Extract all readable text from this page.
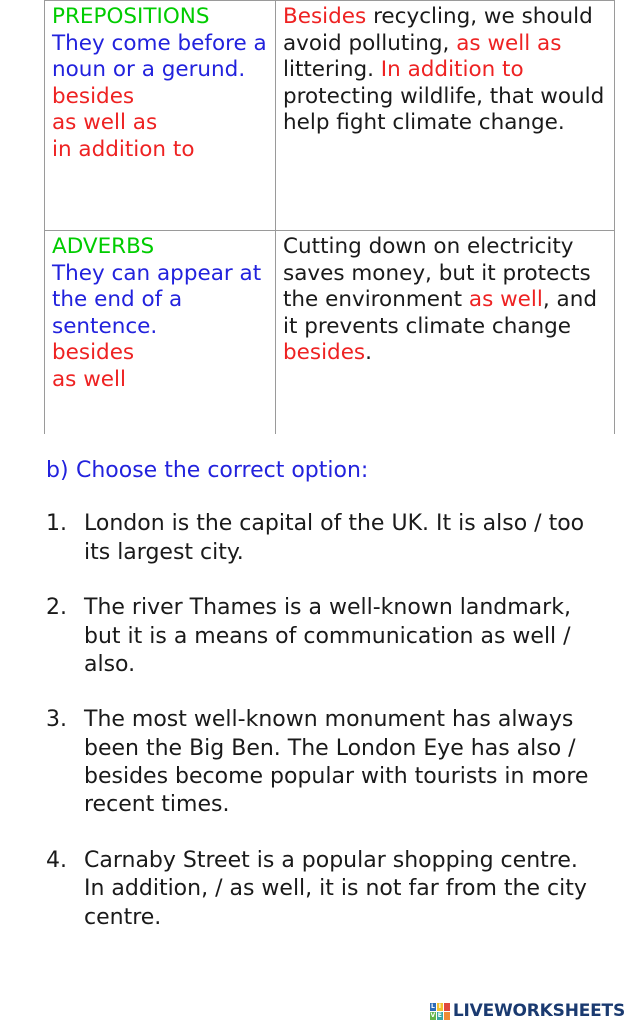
PREPOSITIONS
They come before a noun or a gerund.
besides
as well as
in addition to	Besides recycling, we should avoid polluting, as well as littering. In addition to protecting wildlife, that would help fight climate change.

ADVERBS
They can appear at the end of a sentence.
besides
as well	Cutting down on electricity saves money, but it protects the environment as well, and it prevents climate change besides.
b) Choose the correct option:
1. London is the capital of the UK. It is also / too its largest city.
2. The river Thames is a well-known landmark, but it is a means of communication as well / also.
3. The most well-known monument has always been the Big Ben. The London Eye has also / besides become popular with tourists in more recent times.
4. Carnaby Street is a popular shopping centre. In addition, / as well, it is not far from the city centre.
L I
V E LIVEWORKSHEETS
